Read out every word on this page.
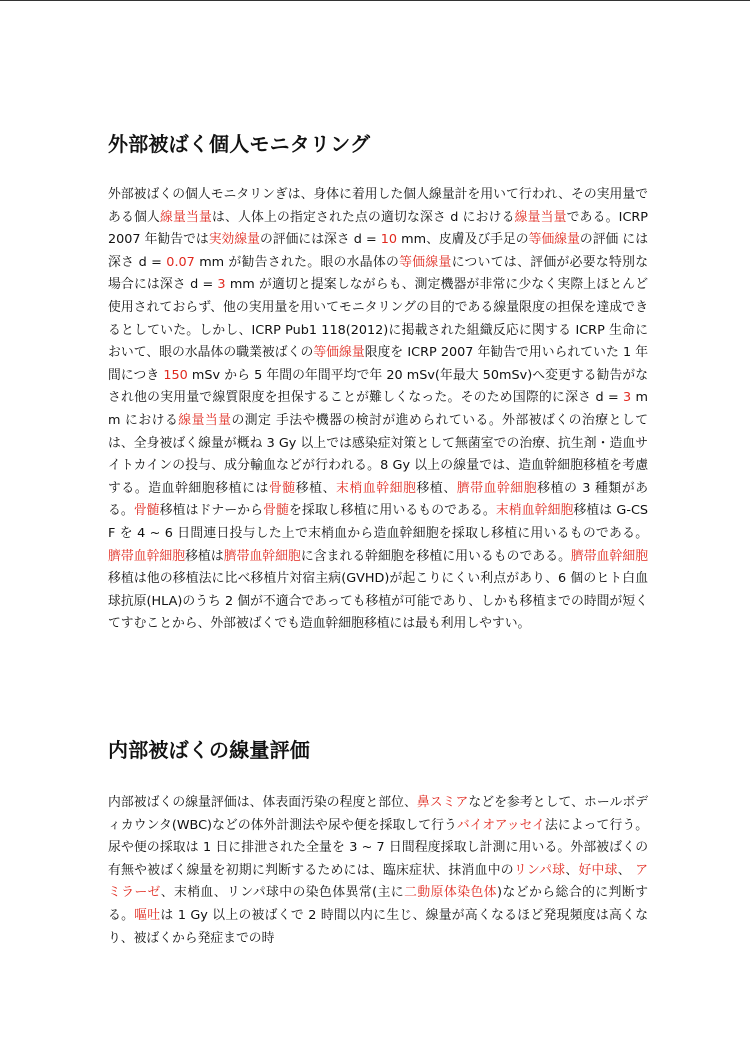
外部被ばく個人モニタリング

外部被ばくの個人モニタリンぎは、身体に着用した個人線量計を用いて行われ、その実用量である個人線量当量は、人体上の指定された点の適切な深さ d における線量当量である。ICRP 2007 年勧告では実効線量の評価には深さ d = 10 mm、皮膚及び手足の等価線量の評価 には深さ d = 0.07 mm が勧告された。眼の水晶体の等価線量については、評価が必要な特別な場合には深さ d = 3 mm が適切と提案しながらも、測定機器が非常に少なく実際上ほとんど使用されておらず、他の実用量を用いてモニタリングの目的である線量限度の担保を達成できるとしていた。しかし、ICRP Pub1 118(2012)に掲載された組織反応に関する ICRP 生命において、眼の水晶体の職業被ばくの等価線量限度を ICRP 2007 年勧告で用いられていた 1 年間につき 150 mSv から 5 年間の年間平均で年 20 mSv(年最大 50mSv)へ変更する勧告がなされ他の実用量で線質限度を担保することが難しくなった。そのため国際的に深さ d = 3 mm における線量当量の測定 手法や機器の検討が進められている。外部被ばくの治療としては、全身被ばく線量が概ね 3 Gy 以上では感染症対策として無菌室での治療、抗生剤・造血サイトカインの投与、成分輸血などが行われる。8 Gy 以上の線量では、造血幹細胞移植を考慮する。造血幹細胞移植には骨髄移植、末梢血幹細胞移植、臍帯血幹細胞移植の 3 種類がある。骨髄移植はドナーから骨髄を採取し移植に用いるものである。末梢血幹細胞移植は G-CSF を 4 ~ 6 日間連日投与した上で末梢血から造血幹細胞を採取し移植に用いるものである。臍帯血幹細胞移植は臍帯血幹細胞に含まれる幹細胞を移植に用いるものである。臍帯血幹細胞移植は他の移植法に比べ移植片対宿主病(GVHD)が起こりにくい利点があり、6 個のヒト白血球抗原(HLA)のうち 2 個が不適合であっても移植が可能であり、しかも移植までの時間が短くてすむことから、外部被ばくでも造血幹細胞移植には最も利用しやすい。

内部被ばくの線量評価

内部被ばくの線量評価は、体表面汚染の程度と部位、鼻スミアなどを参考として、ホールボディカウンタ(WBC)などの体外計測法や尿や便を採取して行うバイオアッセイ法によって行う。尿や便の採取は 1 日に排泄された全量を 3 ~ 7 日間程度採取し計測に用いる。外部被ばくの有無や被ばく線量を初期に判断するためには、臨床症状、抹消血中のリンパ球、好中球、 アミラーゼ、末梢血、リンパ球中の染色体異常(主に二動原体染色体)などから総合的に判断する。嘔吐は 1 Gy 以上の被ばくで 2 時間以内に生じ、線量が高くなるほど発現頻度は高くなり、被ばくから発症までの時
